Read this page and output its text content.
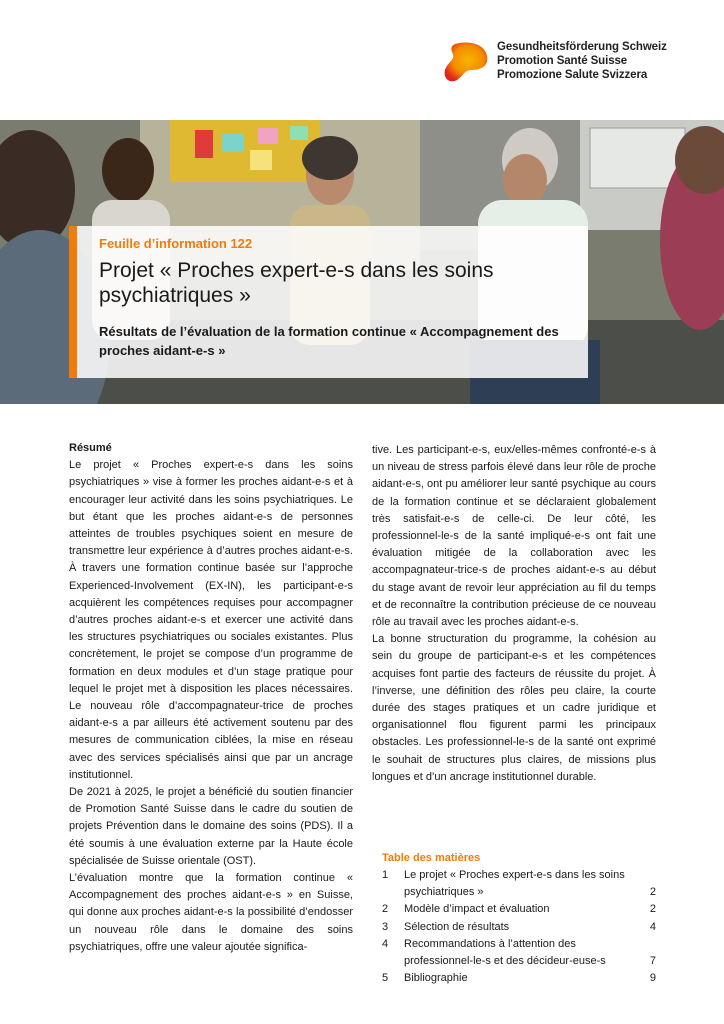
Gesundheitsförderung Schweiz
Promotion Santé Suisse
Promozione Salute Svizzera
Feuille d’information 122
Projet « Proches expert-e-s dans les soins psychiatriques »
Résultats de l’évaluation de la formation continue « Accompagnement des proches aidant-e-s »

Résumé

Le projet « Proches expert-e-s dans les soins psychiatriques » vise à former les proches aidant-e-s et à encourager leur activité dans les soins psychiatriques. Le but étant que les proches aidant-e-s de personnes atteintes de troubles psychiques soient en mesure de transmettre leur expérience à d’autres proches aidant-e-s. À travers une formation continue basée sur l’approche Experienced-Involvement (EX-IN), les participant-e-s acquièrent les compétences requises pour accompagner d’autres proches aidant-e-s et exercer une activité dans les structures psychiatriques ou sociales existantes. Plus concrètement, le projet se compose d’un programme de formation en deux modules et d’un stage pratique pour lequel le projet met à disposition les places nécessaires. Le nouveau rôle d’accompagnateur-trice de proches aidant-e-s a par ailleurs été activement soutenu par des mesures de communication ciblées, la mise en réseau avec des services spécialisés ainsi que par un ancrage institutionnel.

De 2021 à 2025, le projet a bénéficié du soutien financier de Promotion Santé Suisse dans le cadre du soutien de projets Prévention dans le domaine des soins (PDS). Il a été soumis à une évaluation externe par la Haute école spécialisée de Suisse orientale (OST).

L’évaluation montre que la formation continue « Accompagnement des proches aidant-e-s » en Suisse, qui donne aux proches aidant-e-s la possibilité d’endosser un nouveau rôle dans le domaine des soins psychiatriques, offre une valeur ajoutée significa-

tive. Les participant-e-s, eux/elles-mêmes confronté-e-s à un niveau de stress parfois élevé dans leur rôle de proche aidant-e-s, ont pu améliorer leur santé psychique au cours de la formation continue et se déclaraient globalement très satisfait-e-s de celle-ci. De leur côté, les professionnel-le-s de la santé impliqué-e-s ont fait une évaluation mitigée de la collaboration avec les accompagnateur-trice-s de proches aidant-e-s au début du stage avant de revoir leur appréciation au fil du temps et de reconnaître la contribution précieuse de ce nouveau rôle au travail avec les proches aidant-e-s.

La bonne structuration du programme, la cohésion au sein du groupe de participant-e-s et les compétences acquises font partie des facteurs de réussite du projet. À l’inverse, une définition des rôles peu claire, la courte durée des stages pratiques et un cadre juridique et organisationnel flou figurent parmi les principaux obstacles. Les professionnel-le-s de la santé ont exprimé le souhait de structures plus claires, de missions plus longues et d’un ancrage institutionnel durable.

Table des matières
1 Le projet « Proches expert-e-s dans les soins psychiatriques »	2
2 Modèle d’impact et évaluation	2
3 Sélection de résultats	4
4 Recommandations à l’attention des professionnel-le-s et des décideur-euse-s	7
5 Bibliographie	9
